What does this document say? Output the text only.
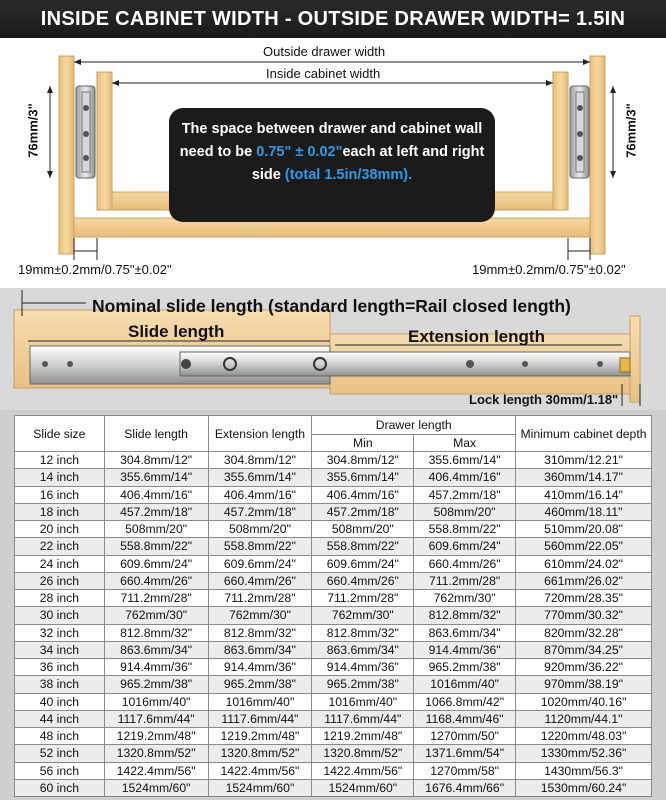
INSIDE CABINET WIDTH - OUTSIDE DRAWER WIDTH= 1.5IN
Outside drawer width
Inside cabinet width
76mm/3"	76mm/3"
The space between drawer and cabinet wall need to be 0.75" ± 0.02"each at left and right side (total 1.5in/38mm).
19mm±0.2mm/0.75"±0.02"	19mm±0.2mm/0.75"±0.02"
Nominal slide length (standard length=Rail closed length)
Slide length	Extension length
Lock length 30mm/1.18"
Slide size	Slide length	Extension length	Drawer length		Minimum cabinet depth
			Min	Max	
12 inch	304.8mm/12"	304.8mm/12"	304.8mm/12"	355.6mm/14"	310mm/12.21"
14 inch	355.6mm/14"	355.6mm/14"	355.6mm/14"	406.4mm/16"	360mm/14.17"
16 inch	406.4mm/16"	406.4mm/16"	406.4mm/16"	457.2mm/18"	410mm/16.14"
18 inch	457.2mm/18"	457.2mm/18"	457.2mm/18"	508mm/20"	460mm/18.11"
20 inch	508mm/20"	508mm/20"	508mm/20"	558.8mm/22"	510mm/20.08"
22 inch	558.8mm/22"	558.8mm/22"	558.8mm/22"	609.6mm/24"	560mm/22.05"
24 inch	609.6mm/24"	609.6mm/24"	609.6mm/24"	660.4mm/26"	610mm/24.02"
26 inch	660.4mm/26"	660.4mm/26"	660.4mm/26"	711.2mm/28"	661mm/26.02"
28 inch	711.2mm/28"	711.2mm/28"	711.2mm/28"	762mm/30"	720mm/28.35"
30 inch	762mm/30"	762mm/30"	762mm/30"	812.8mm/32"	770mm/30.32"
32 inch	812.8mm/32"	812.8mm/32"	812.8mm/32"	863.6mm/34"	820mm/32.28"
34 inch	863.6mm/34"	863.6mm/34"	863.6mm/34"	914.4mm/36"	870mm/34.25"
36 inch	914.4mm/36"	914.4mm/36"	914.4mm/36"	965.2mm/38"	920mm/36.22"
38 inch	965.2mm/38"	965.2mm/38"	965.2mm/38"	1016mm/40"	970mm/38.19"
40 inch	1016mm/40"	1016mm/40"	1016mm/40"	1066.8mm/42"	1020mm/40.16"
44 inch	1117.6mm/44"	1117.6mm/44"	1117.6mm/44"	1168.4mm/46"	1120mm/44.1"
48 inch	1219.2mm/48"	1219.2mm/48"	1219.2mm/48"	1270mm/50"	1220mm/48.03"
52 inch	1320.8mm/52"	1320.8mm/52"	1320.8mm/52"	1371.6mm/54"	1330mm/52.36"
56 inch	1422.4mm/56"	1422.4mm/56"	1422.4mm/56"	1270mm/58"	1430mm/56.3"
60 inch	1524mm/60"	1524mm/60"	1524mm/60"	1676.4mm/66"	1530mm/60.24"
